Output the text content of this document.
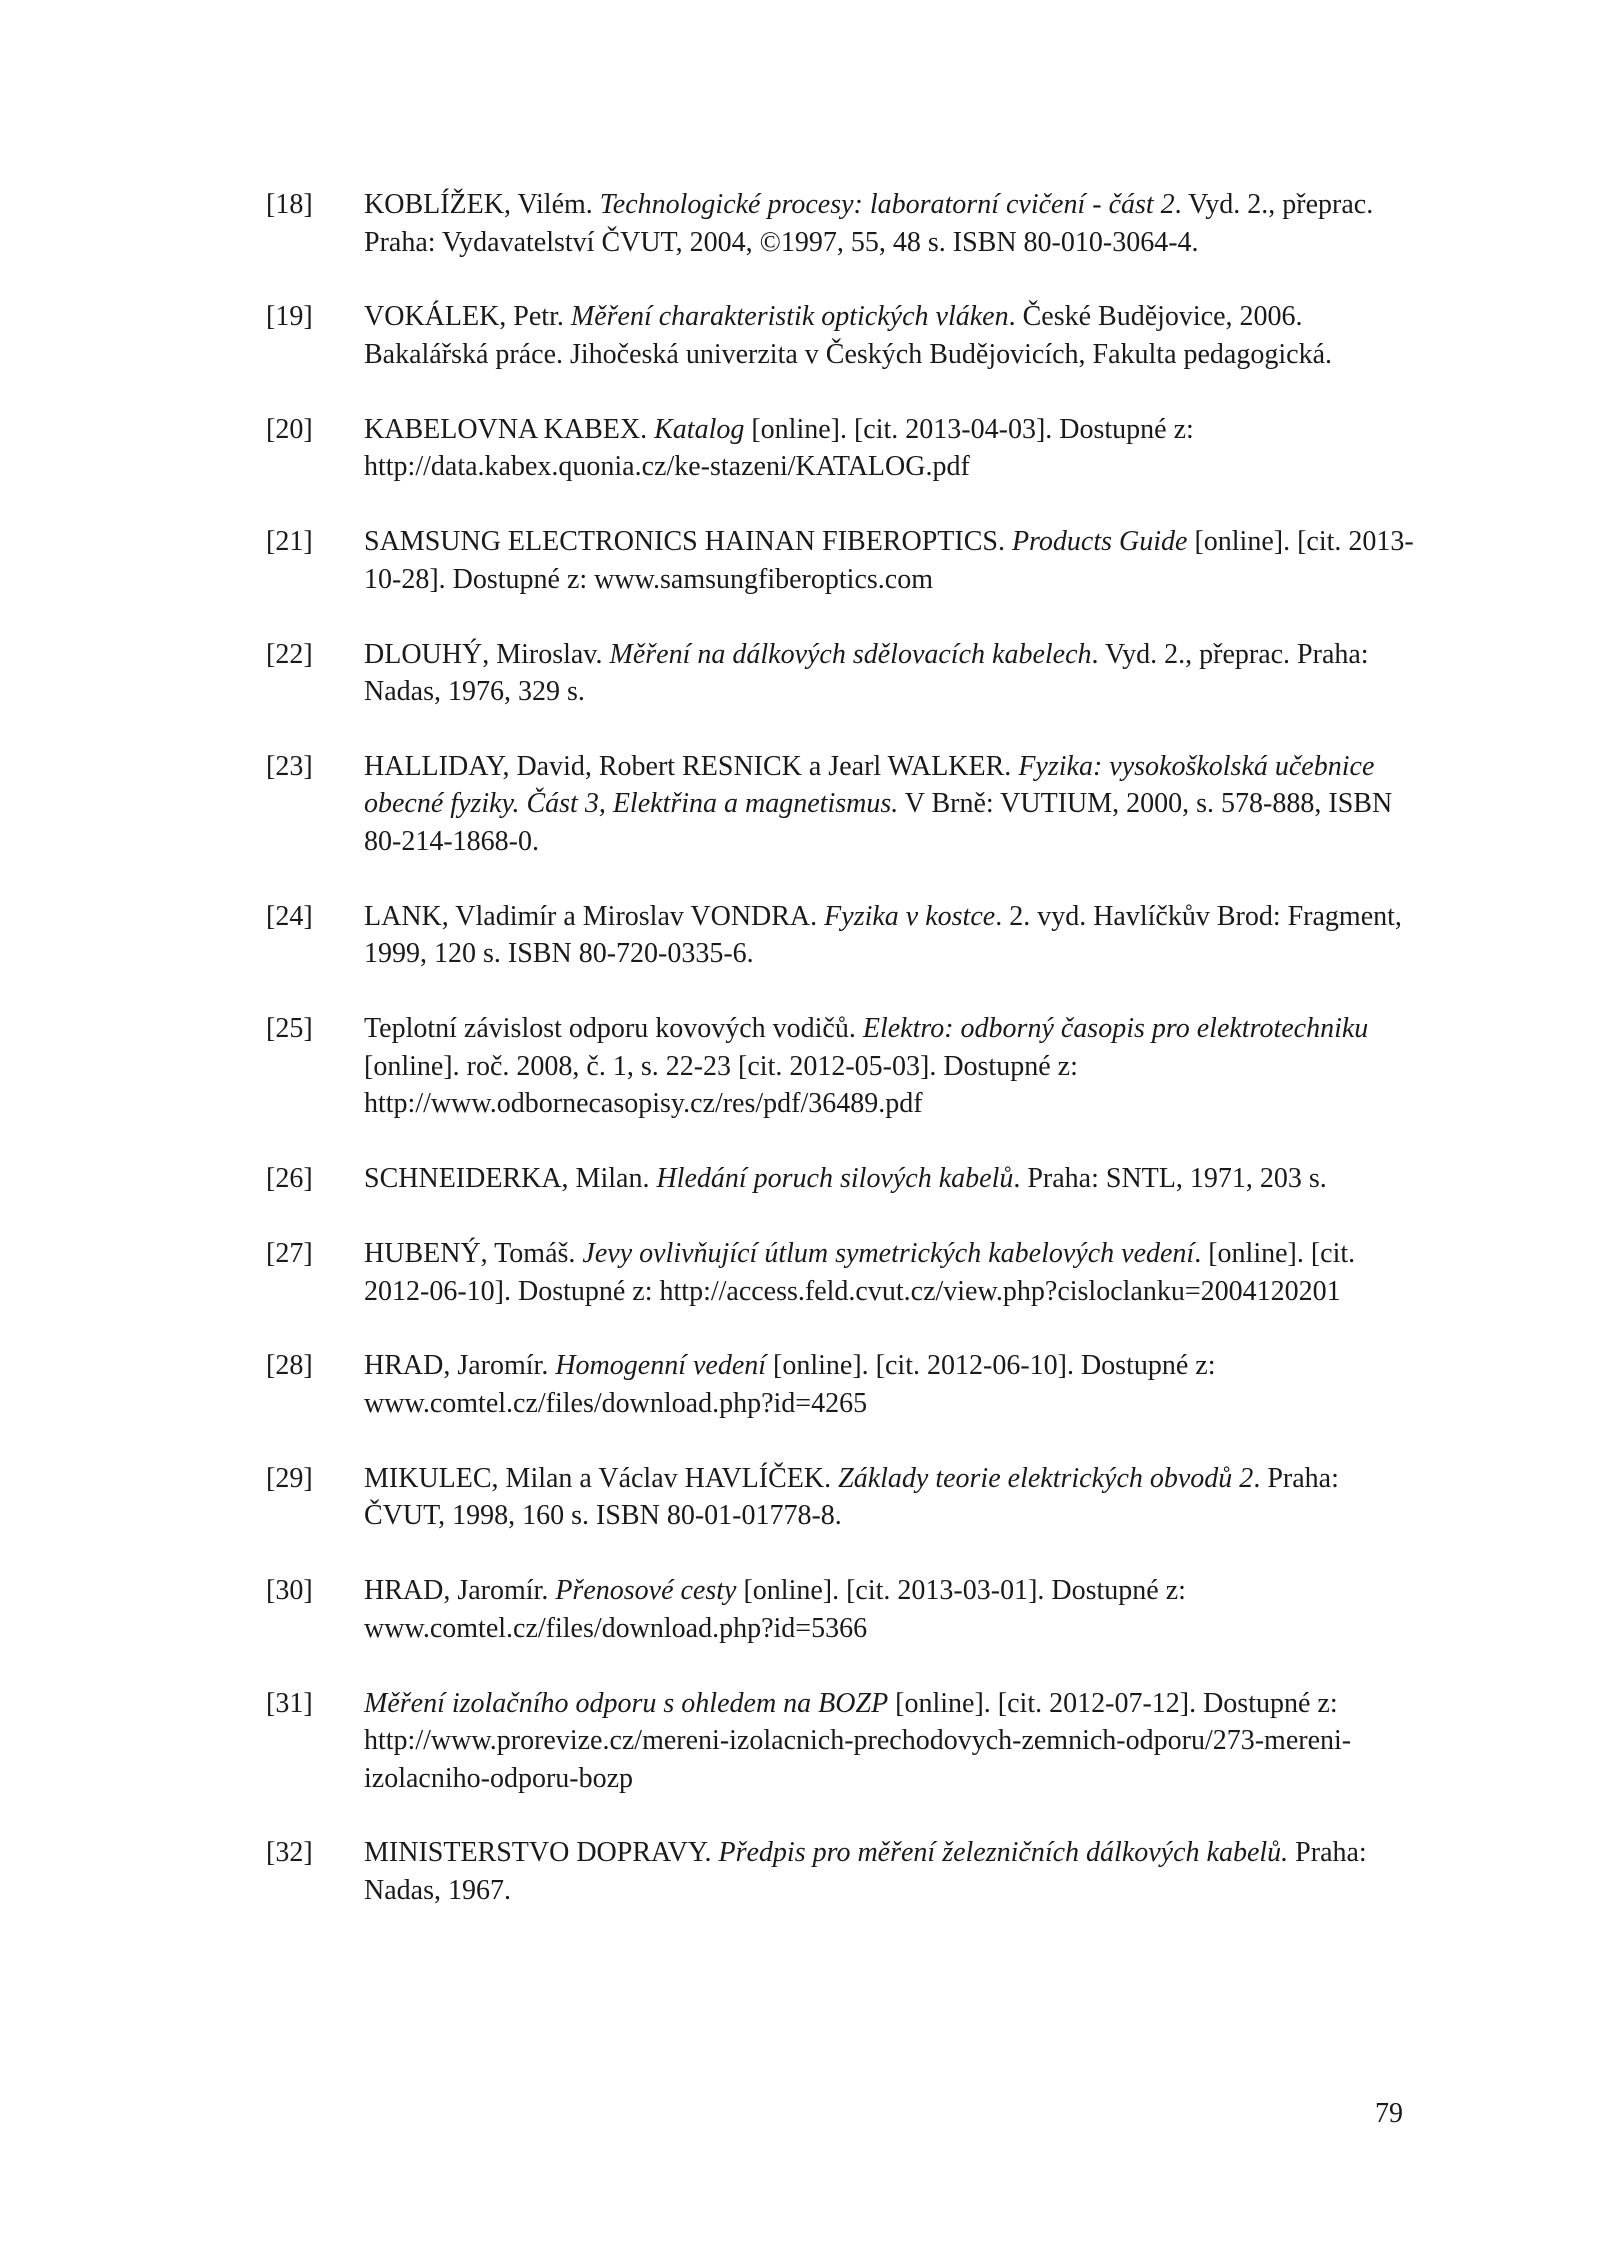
[18] KOBLÍŽEK, Vilém. Technologické procesy: laboratorní cvičení - část 2. Vyd. 2., přeprac. Praha: Vydavatelství ČVUT, 2004, ©1997, 55, 48 s. ISBN 80-010-3064-4.
[19] VOKÁLEK, Petr. Měření charakteristik optických vláken. České Budějovice, 2006. Bakalářská práce. Jihočeská univerzita v Českých Budějovicích, Fakulta pedagogická.
[20] KABELOVNA KABEX. Katalog [online]. [cit. 2013-04-03]. Dostupné z: http://data.kabex.quonia.cz/ke-stazeni/KATALOG.pdf
[21] SAMSUNG ELECTRONICS HAINAN FIBEROPTICS. Products Guide [online]. [cit. 2013-10-28]. Dostupné z: www.samsungfiberoptics.com
[22] DLOUHÝ, Miroslav. Měření na dálkových sdělovacích kabelech. Vyd. 2., přeprac. Praha: Nadas, 1976, 329 s.
[23] HALLIDAY, David, Robert RESNICK a Jearl WALKER. Fyzika: vysokoškolská učebnice obecné fyziky. Část 3, Elektřina a magnetismus. V Brně: VUTIUM, 2000, s. 578-888, ISBN 80-214-1868-0.
[24] LANK, Vladimír a Miroslav VONDRA. Fyzika v kostce. 2. vyd. Havlíčkův Brod: Fragment, 1999, 120 s. ISBN 80-720-0335-6.
[25] Teplotní závislost odporu kovových vodičů. Elektro: odborný časopis pro elektrotechniku [online]. roč. 2008, č. 1, s. 22-23 [cit. 2012-05-03]. Dostupné z: http://www.odbornecasopisy.cz/res/pdf/36489.pdf
[26] SCHNEIDERKA, Milan. Hledání poruch silových kabelů. Praha: SNTL, 1971, 203 s.
[27] HUBENÝ, Tomáš. Jevy ovlivňující útlum symetrických kabelových vedení. [online]. [cit. 2012-06-10]. Dostupné z: http://access.feld.cvut.cz/view.php?cisloclanku=2004120201
[28] HRAD, Jaromír. Homogenní vedení [online]. [cit. 2012-06-10]. Dostupné z: www.comtel.cz/files/download.php?id=4265
[29] MIKULEC, Milan a Václav HAVLÍČEK. Základy teorie elektrických obvodů 2. Praha: ČVUT, 1998, 160 s. ISBN 80-01-01778-8.
[30] HRAD, Jaromír. Přenosové cesty [online]. [cit. 2013-03-01]. Dostupné z: www.comtel.cz/files/download.php?id=5366
[31] Měření izolačního odporu s ohledem na BOZP [online]. [cit. 2012-07-12]. Dostupné z: http://www.prorevize.cz/mereni-izolacnich-prechodovych-zemnich-odporu/273-mereni-izolacniho-odporu-bozp
[32] MINISTERSTVO DOPRAVY. Předpis pro měření železničních dálkových kabelů. Praha: Nadas, 1967.
79
